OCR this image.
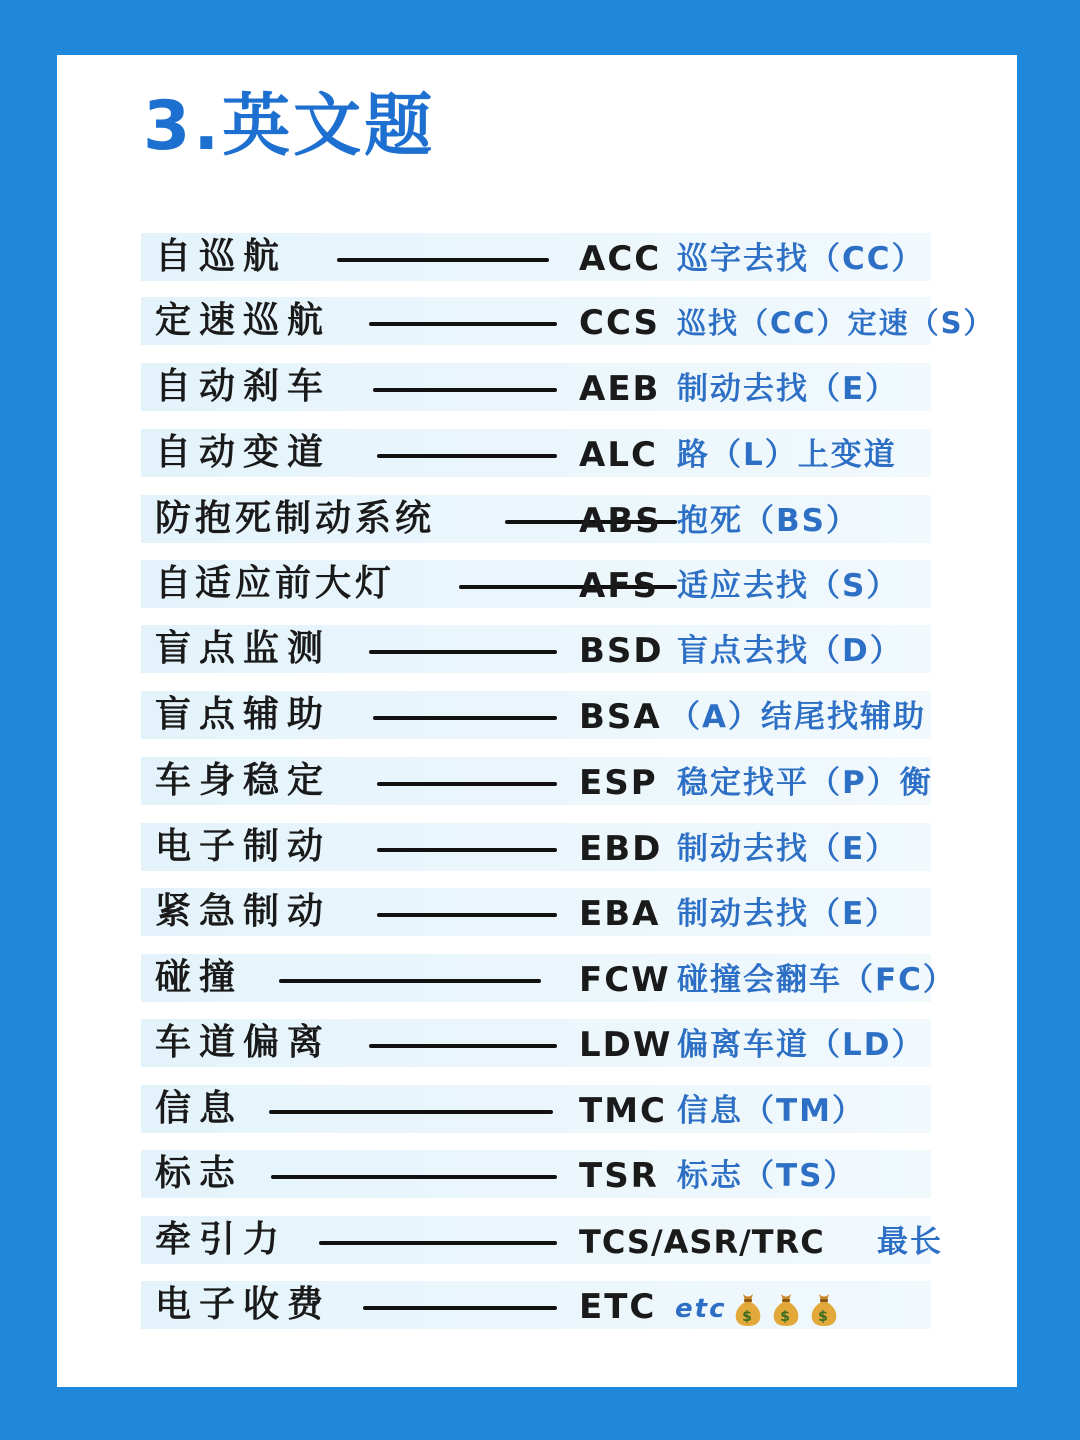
3.英文题
自巡航	ACC 巡字去找（CC）
定速巡航	CCS 巡找（CC）定速（S）
自动刹车	AEB 制动去找（E）
自动变道	ALC 路（L）上变道
防抱死制动系统	ABS 抱死（BS）
自适应前大灯	AFS 适应去找（S）
盲点监测	BSD 盲点去找（D）
盲点辅助	BSA （A）结尾找辅助
车身稳定	ESP 稳定找平（P）衡
电子制动	EBD 制动去找（E）
紧急制动	EBA 制动去找（E）
碰撞	FCW 碰撞会翻车（FC）
车道偏离	LDW 偏离车道（LD）
信息	TMC 信息（TM）
标志	TSR 标志（TS）
牵引力	TCS/ASR/TRC 最长
电子收费	ETC etc $ $ $
